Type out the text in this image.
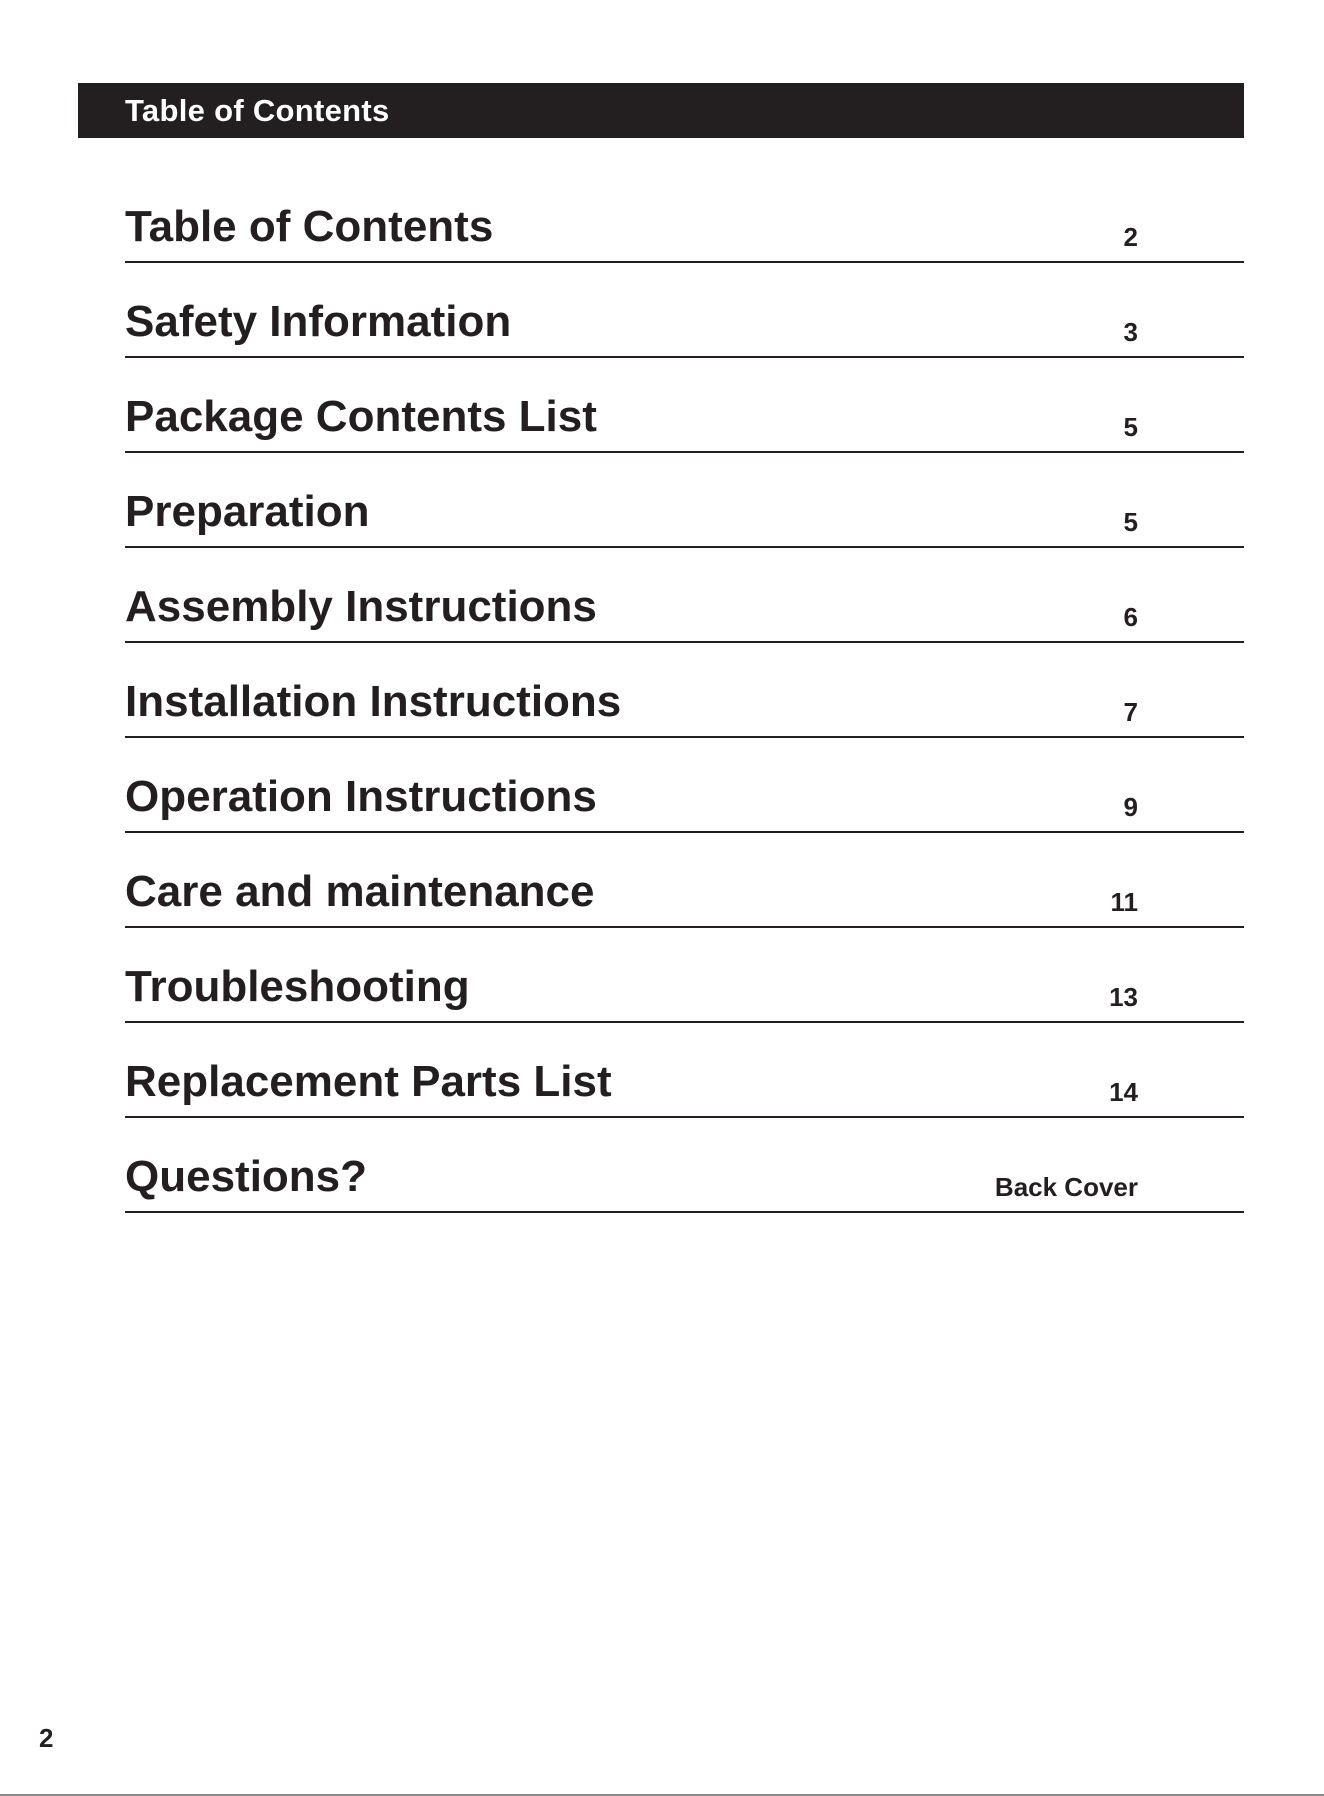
Table of Contents
Table of Contents	2
Safety Information	3
Package Contents List	5
Preparation	5
Assembly Instructions	6
Installation Instructions	7
Operation Instructions	9
Care and maintenance	11
Troubleshooting	13
Replacement Parts List	14
Questions?	Back Cover
2
